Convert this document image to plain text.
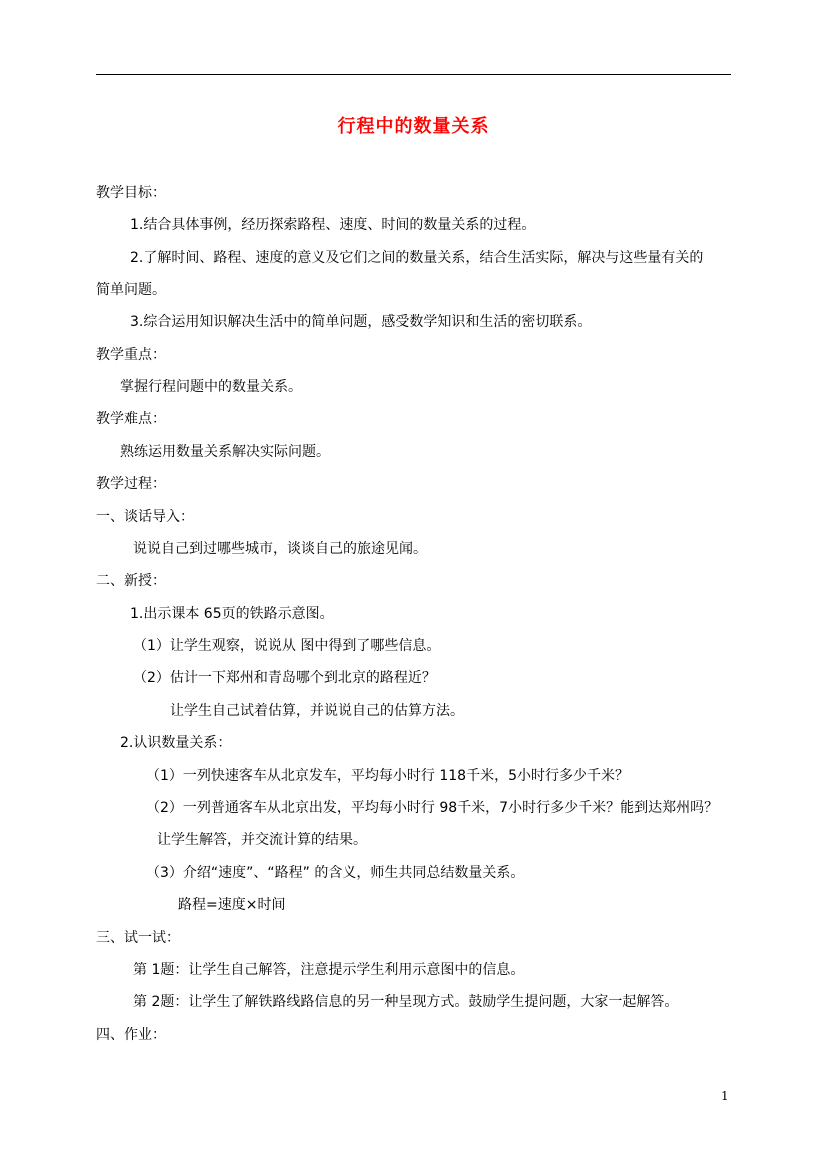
行程中的数量关系
教学目标：
1.结合具体事例，经历探索路程、速度、时间的数量关系的过程。
2.了解时间、路程、速度的意义及它们之间的数量关系，结合生活实际，解决与这些量有关的
简单问题。
3.综合运用知识解决生活中的简单问题，感受数学知识和生活的密切联系。
教学重点：
掌握行程问题中的数量关系。
教学难点：
熟练运用数量关系解决实际问题。
教学过程：
一、谈话导入：
说说自己到过哪些城市，谈谈自己的旅途见闻。
二、新授：
1.出示课本 65页的铁路示意图。
（1）让学生观察，说说从 图中得到了哪些信息。
（2）估计一下郑州和青岛哪个到北京的路程近？
让学生自己试着估算，并说说自己的估算方法。
2.认识数量关系：
（1）一列快速客车从北京发车，平均每小时行 118千米，5小时行多少千米？
（2）一列普通客车从北京出发，平均每小时行 98千米，7小时行多少千米？能到达郑州吗？
让学生解答，并交流计算的结果。
（3）介绍“速度”、“路程” 的含义，师生共同总结数量关系。
路程=速度×时间
三、试一试：
第 1题：让学生自己解答，注意提示学生利用示意图中的信息。
第 2题：让学生了解铁路线路信息的另一种呈现方式。鼓励学生提问题，大家一起解答。
四、作业：
1
